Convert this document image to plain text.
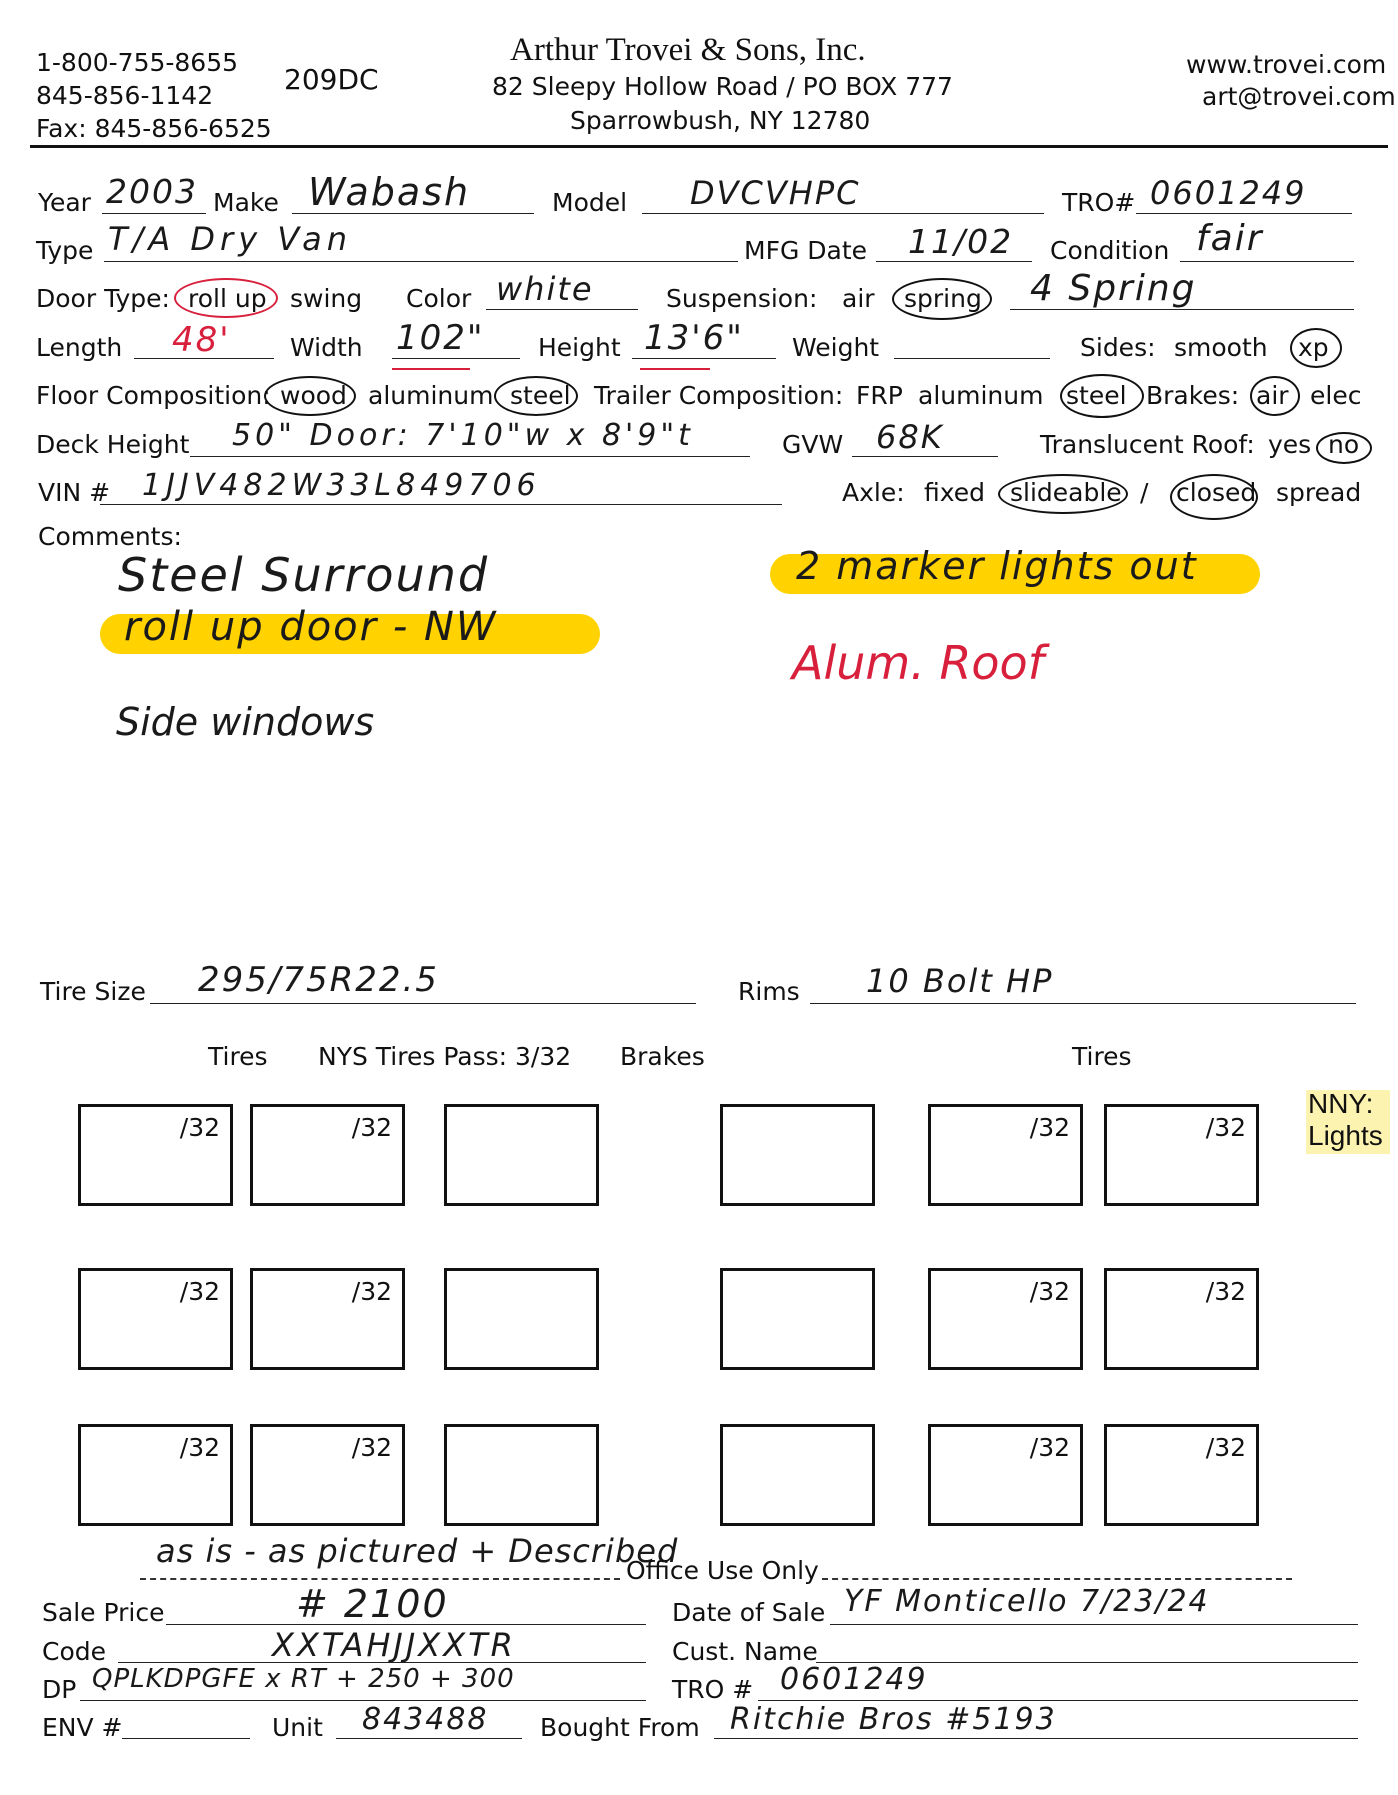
1-800-755-8655
845-856-1142
Fax: 845-856-6525
209DC
Arthur Trovei & Sons, Inc.
82 Sleepy Hollow Road / PO BOX 777
Sparrowbush, NY 12780
www.trovei.com
art@trovei.com
Year 2003 Make Wabash	Model DVCVHPC	TRO# 0601249
Type T/A Dry Van	MFG Date 11/02 Condition fair
Door Type: roll up swing Color white	Suspension: air spring 4 Spring
Length 48' Width 102" Height 13'6" Weight	Sides: smooth xp
Floor Composition: wood aluminum steel Trailer Composition: FRP aluminum steel Brakes: air elec
Deck Height 50" Door: 7'10"w x 8'9"t	GVW 68K	Translucent Roof: yes no
VIN # 1JJV482W33L849706	Axle: fixed slideable / closed spread
Comments:
Steel Surround
roll up door - NW
Side windows
2 marker lights out
Alum. Roof
Tire Size 295/75R22.5	Rims 10 Bolt HP
Tires NYS Tires Pass: 3/32 Brakes	Tires
NNY:
Lights
/32	/32	/32	/32
/32	/32	/32	/32
/32	/32	/32	/32
as is - as pictured + Described
Office Use Only
Sale Price	# 2100
Code	XXTAHJJXXTR
DP QPLKDPGFE x RT + 250 + 300
ENV #	Unit 843488
Date of Sale YF Monticello 7/23/24
Cust. Name
TRO # 0601249
Bought From Ritchie Bros #5193
